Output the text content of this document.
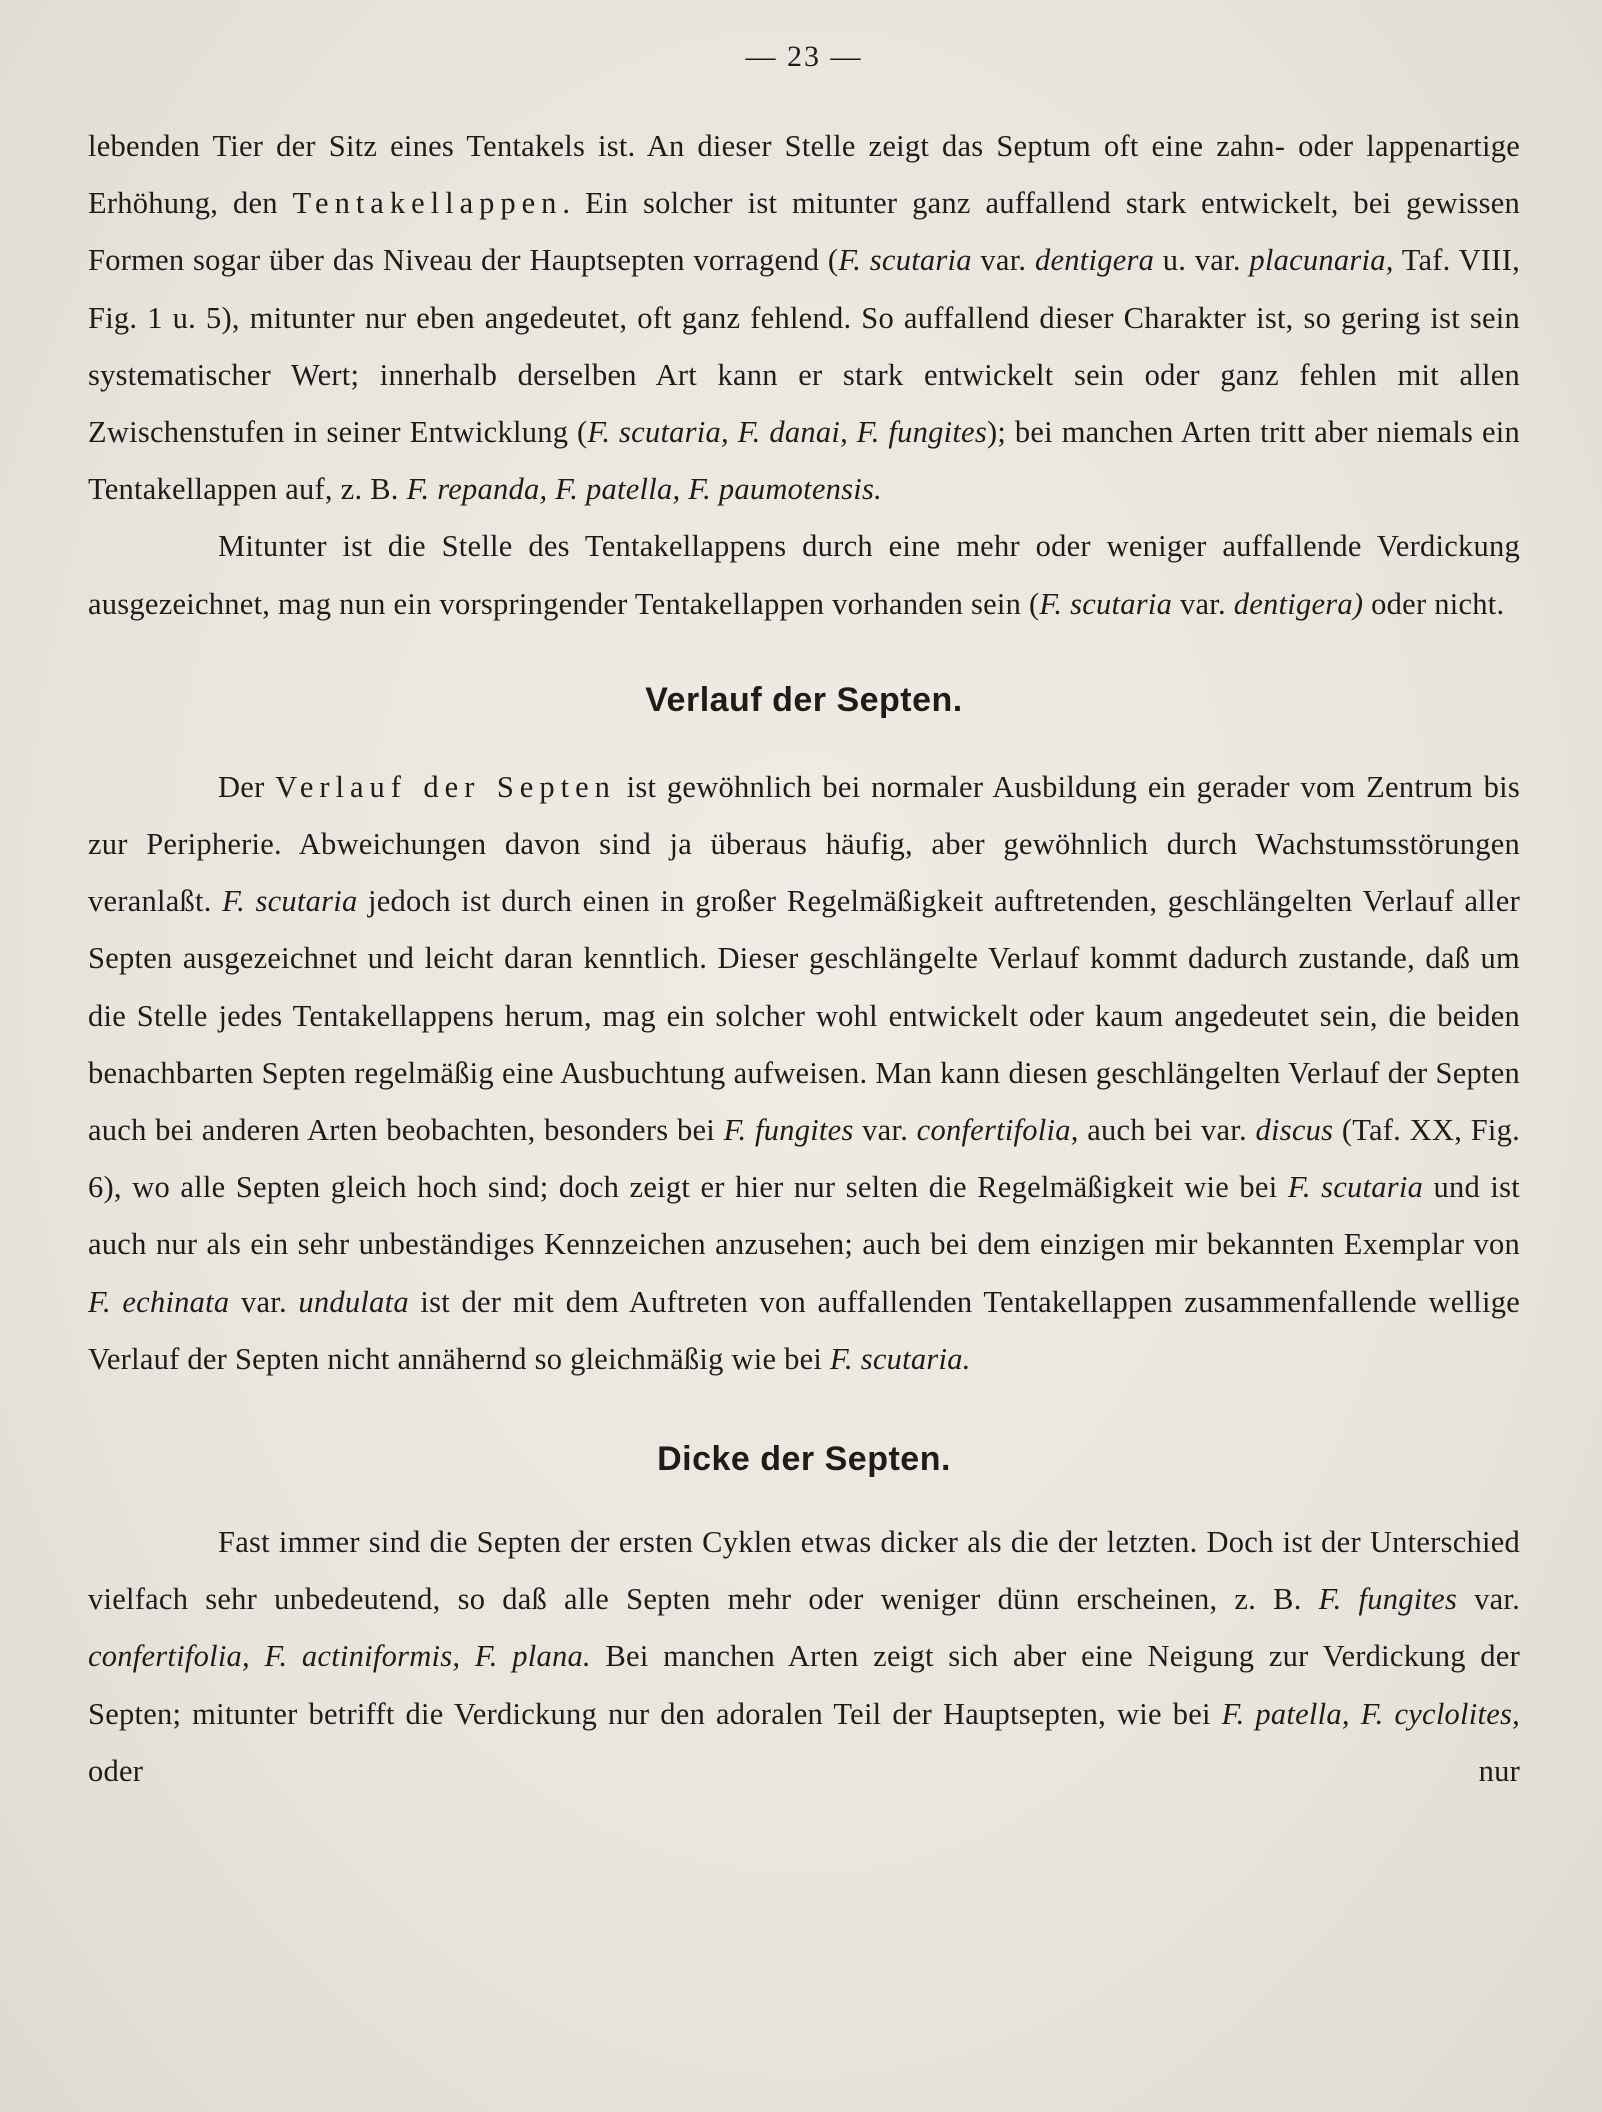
— 23 —

lebenden Tier der Sitz eines Tentakels ist. An dieser Stelle zeigt das Septum oft eine zahn- oder lappenartige Erhöhung, den Tentakellappen. Ein solcher ist mitunter ganz auffallend stark entwickelt, bei gewissen Formen sogar über das Niveau der Hauptsepten vorragend (F. scutaria var. dentigera u. var. placunaria, Taf. VIII, Fig. 1 u. 5), mitunter nur eben angedeutet, oft ganz fehlend. So auffallend dieser Charakter ist, so gering ist sein systematischer Wert; innerhalb derselben Art kann er stark entwickelt sein oder ganz fehlen mit allen Zwischenstufen in seiner Entwicklung (F. scutaria, F. danai, F. fungites); bei manchen Arten tritt aber niemals ein Tentakellappen auf, z. B. F. repanda, F. patella, F. paumotensis.

Mitunter ist die Stelle des Tentakellappens durch eine mehr oder weniger auffallende Verdickung ausgezeichnet, mag nun ein vorspringender Tentakellappen vorhanden sein (F. scutaria var. dentigera) oder nicht.

Verlauf der Septen.

Der Verlauf der Septen ist gewöhnlich bei normaler Ausbildung ein gerader vom Zentrum bis zur Peripherie. Abweichungen davon sind ja überaus häufig, aber gewöhnlich durch Wachstumsstörungen veranlaßt. F. scutaria jedoch ist durch einen in großer Regelmäßigkeit auftretenden, geschlängelten Verlauf aller Septen ausgezeichnet und leicht daran kenntlich. Dieser geschlängelte Verlauf kommt dadurch zustande, daß um die Stelle jedes Tentakellappens herum, mag ein solcher wohl entwickelt oder kaum angedeutet sein, die beiden benachbarten Septen regelmäßig eine Ausbuchtung aufweisen. Man kann diesen geschlängelten Verlauf der Septen auch bei anderen Arten beobachten, besonders bei F. fungites var. confertifolia, auch bei var. discus (Taf. XX, Fig. 6), wo alle Septen gleich hoch sind; doch zeigt er hier nur selten die Regelmäßigkeit wie bei F. scutaria und ist auch nur als ein sehr unbeständiges Kennzeichen anzusehen; auch bei dem einzigen mir bekannten Exemplar von F. echinata var. undulata ist der mit dem Auftreten von auffallenden Tentakellappen zusammenfallende wellige Verlauf der Septen nicht annähernd so gleichmäßig wie bei F. scutaria.

Dicke der Septen.

Fast immer sind die Septen der ersten Cyklen etwas dicker als die der letzten. Doch ist der Unterschied vielfach sehr unbedeutend, so daß alle Septen mehr oder weniger dünn erscheinen, z. B. F. fungites var. confertifolia, F. actiniformis, F. plana. Bei manchen Arten zeigt sich aber eine Neigung zur Verdickung der Septen; mitunter betrifft die Verdickung nur den adoralen Teil der Hauptsepten, wie bei F. patella, F. cyclolites, oder nur
